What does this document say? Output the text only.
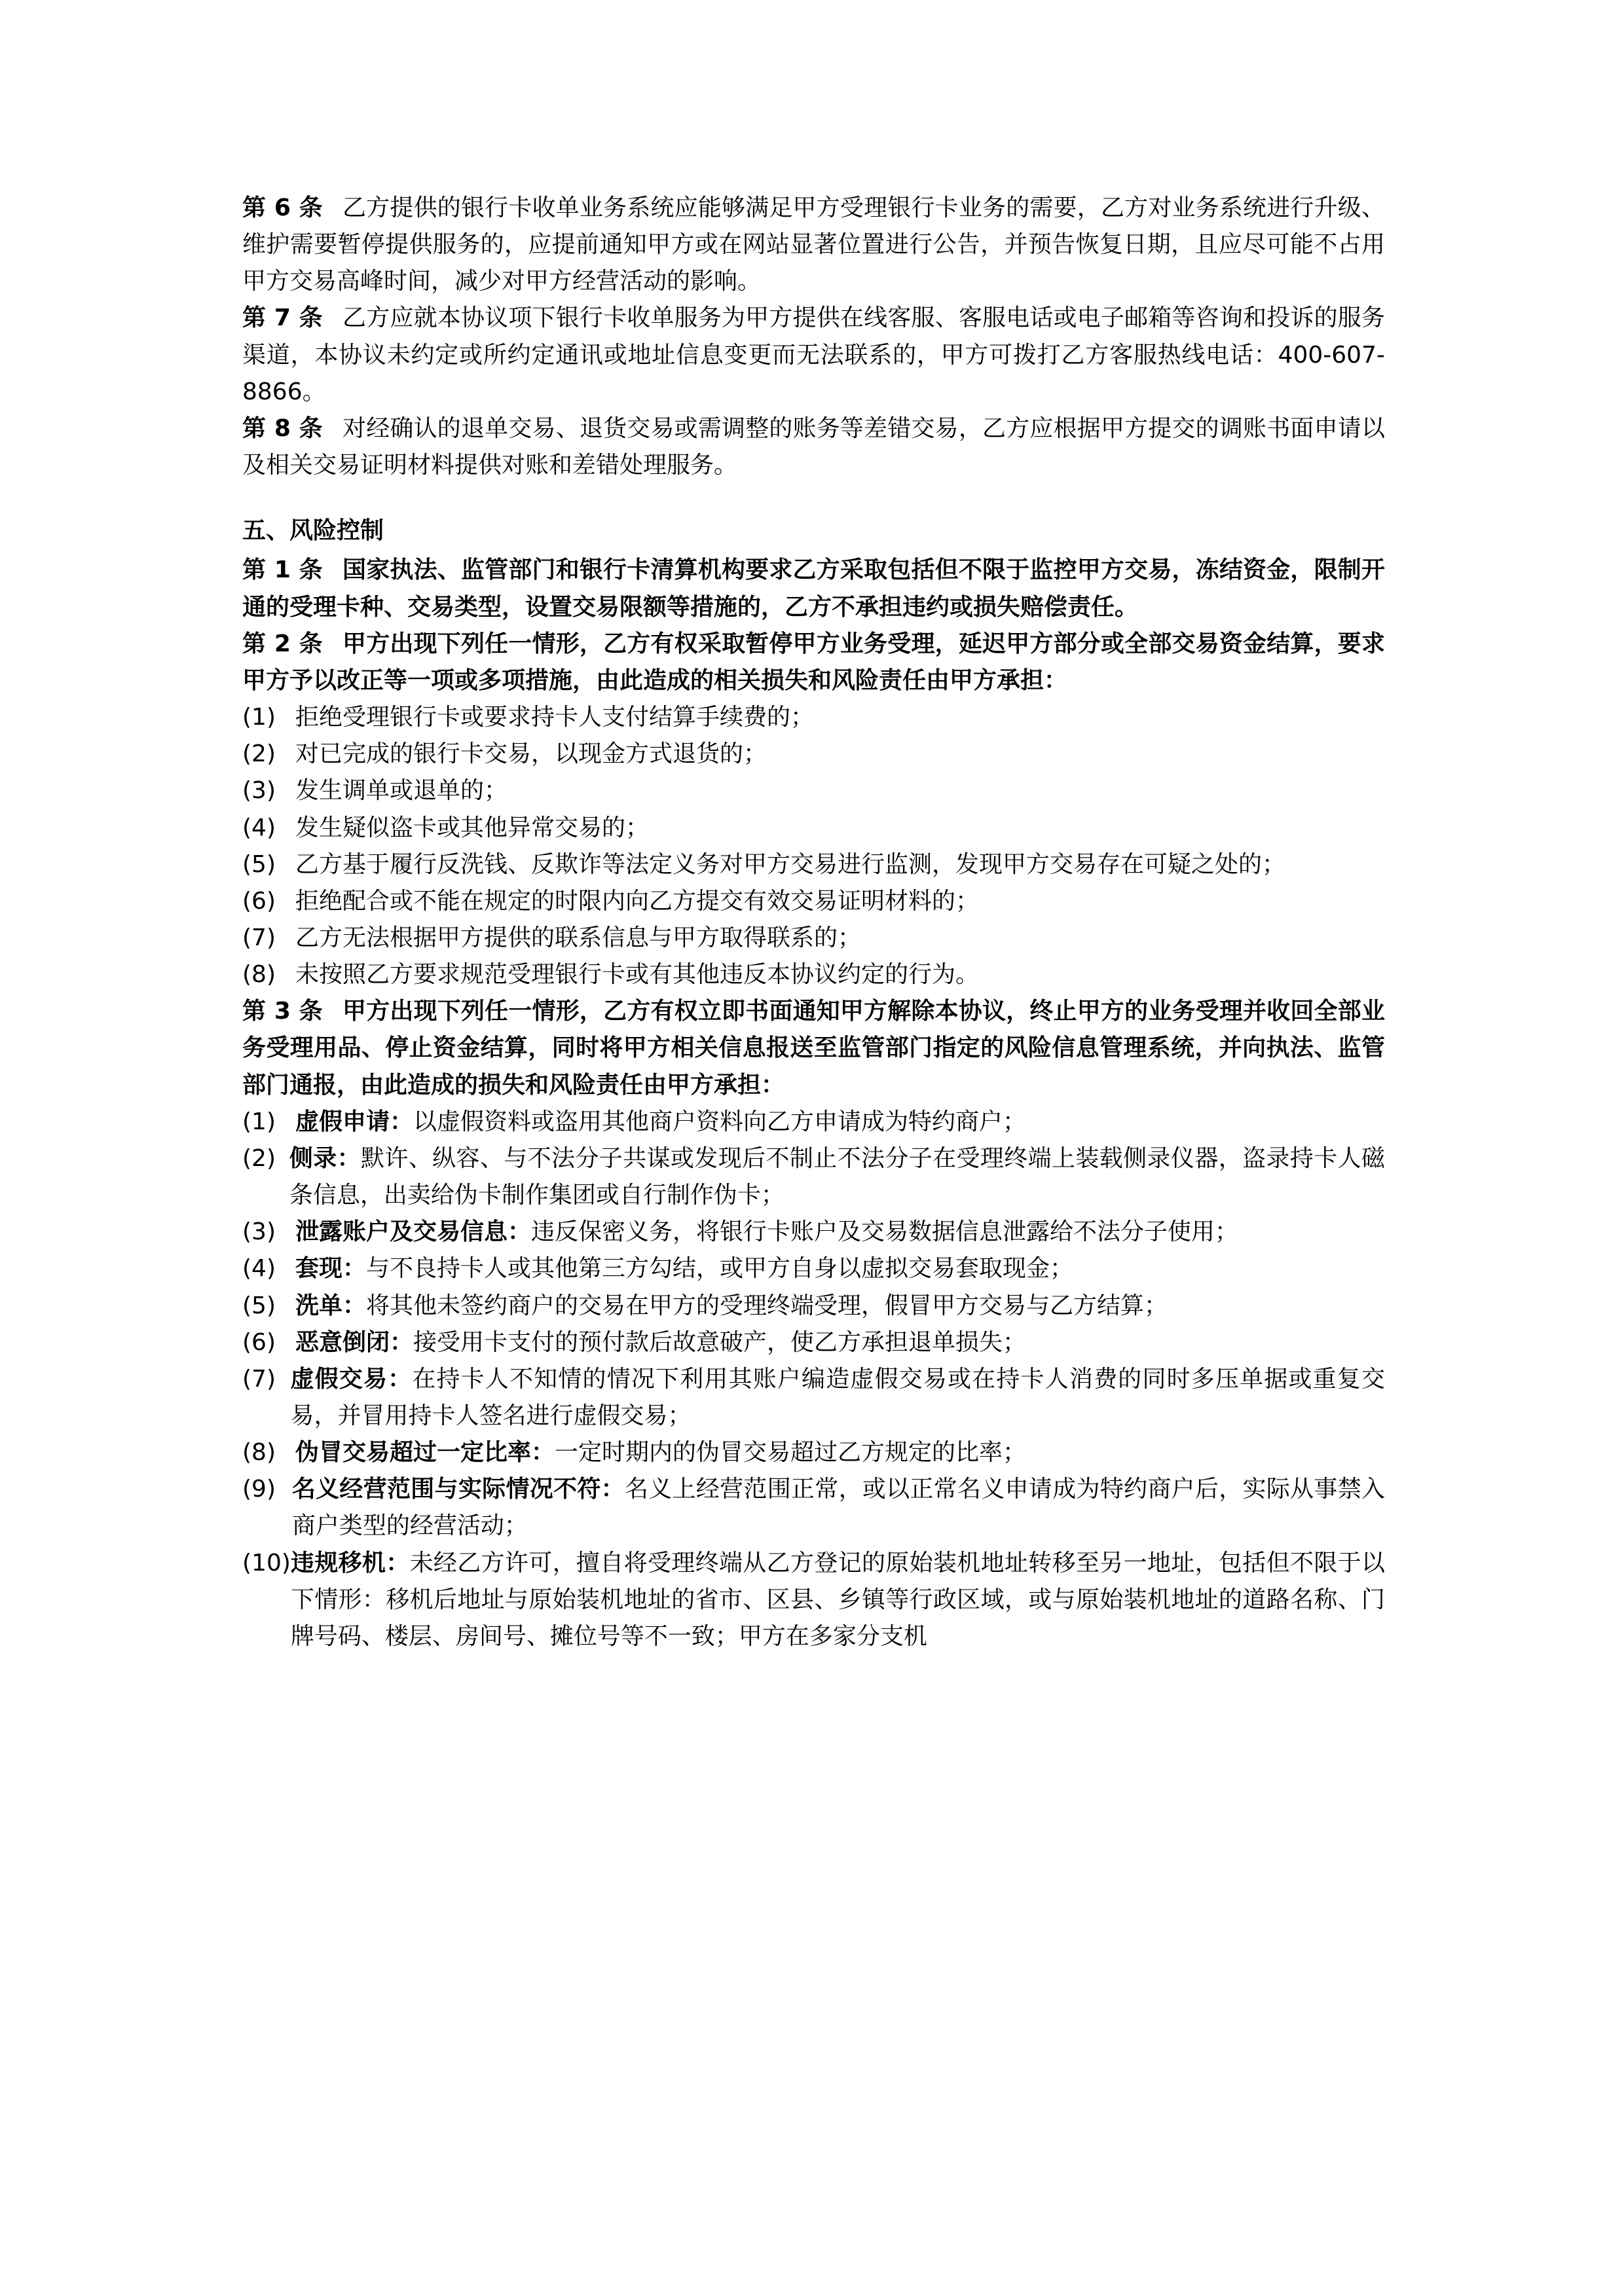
第 6 条 乙方提供的银行卡收单业务系统应能够满足甲方受理银行卡业务的需要，乙方对业务系统进行升级、维护需要暂停提供服务的，应提前通知甲方或在网站显著位置进行公告，并预告恢复日期，且应尽可能不占用甲方交易高峰时间，减少对甲方经营活动的影响。

第 7 条 乙方应就本协议项下银行卡收单服务为甲方提供在线客服、客服电话或电子邮箱等咨询和投诉的服务渠道，本协议未约定或所约定通讯或地址信息变更而无法联系的，甲方可拨打乙方客服热线电话：400-607-8866。

第 8 条 对经确认的退单交易、退货交易或需调整的账务等差错交易，乙方应根据甲方提交的调账书面申请以及相关交易证明材料提供对账和差错处理服务。

五、风险控制

第 1 条 国家执法、监管部门和银行卡清算机构要求乙方采取包括但不限于监控甲方交易，冻结资金，限制开通的受理卡种、交易类型，设置交易限额等措施的，乙方不承担违约或损失赔偿责任。

第 2 条 甲方出现下列任一情形，乙方有权采取暂停甲方业务受理，延迟甲方部分或全部交易资金结算，要求甲方予以改正等一项或多项措施，由此造成的相关损失和风险责任由甲方承担：

(1) 拒绝受理银行卡或要求持卡人支付结算手续费的；
(2) 对已完成的银行卡交易，以现金方式退货的；
(3) 发生调单或退单的；
(4) 发生疑似盗卡或其他异常交易的；
(5) 乙方基于履行反洗钱、反欺诈等法定义务对甲方交易进行监测，发现甲方交易存在可疑之处的；
(6) 拒绝配合或不能在规定的时限内向乙方提交有效交易证明材料的；
(7) 乙方无法根据甲方提供的联系信息与甲方取得联系的；
(8) 未按照乙方要求规范受理银行卡或有其他违反本协议约定的行为。

第 3 条 甲方出现下列任一情形，乙方有权立即书面通知甲方解除本协议，终止甲方的业务受理并收回全部业务受理用品、停止资金结算，同时将甲方相关信息报送至监管部门指定的风险信息管理系统，并向执法、监管部门通报，由此造成的损失和风险责任由甲方承担：

(1) 虚假申请：以虚假资料或盗用其他商户资料向乙方申请成为特约商户；
(2) 侧录：默许、纵容、与不法分子共谋或发现后不制止不法分子在受理终端上装载侧录仪器，盗录持卡人磁条信息，出卖给伪卡制作集团或自行制作伪卡；
(3) 泄露账户及交易信息：违反保密义务，将银行卡账户及交易数据信息泄露给不法分子使用；
(4) 套现：与不良持卡人或其他第三方勾结，或甲方自身以虚拟交易套取现金；
(5) 洗单：将其他未签约商户的交易在甲方的受理终端受理，假冒甲方交易与乙方结算；
(6) 恶意倒闭：接受用卡支付的预付款后故意破产，使乙方承担退单损失；
(7) 虚假交易：在持卡人不知情的情况下利用其账户编造虚假交易或在持卡人消费的同时多压单据或重复交易，并冒用持卡人签名进行虚假交易；
(8) 伪冒交易超过一定比率：一定时期内的伪冒交易超过乙方规定的比率；
(9) 名义经营范围与实际情况不符：名义上经营范围正常，或以正常名义申请成为特约商户后，实际从事禁入商户类型的经营活动；
(10) 违规移机：未经乙方许可，擅自将受理终端从乙方登记的原始装机地址转移至另一地址，包括但不限于以下情形：移机后地址与原始装机地址的省市、区县、乡镇等行政区域，或与原始装机地址的道路名称、门牌号码、楼层、房间号、摊位号等不一致；甲方在多家分支机
